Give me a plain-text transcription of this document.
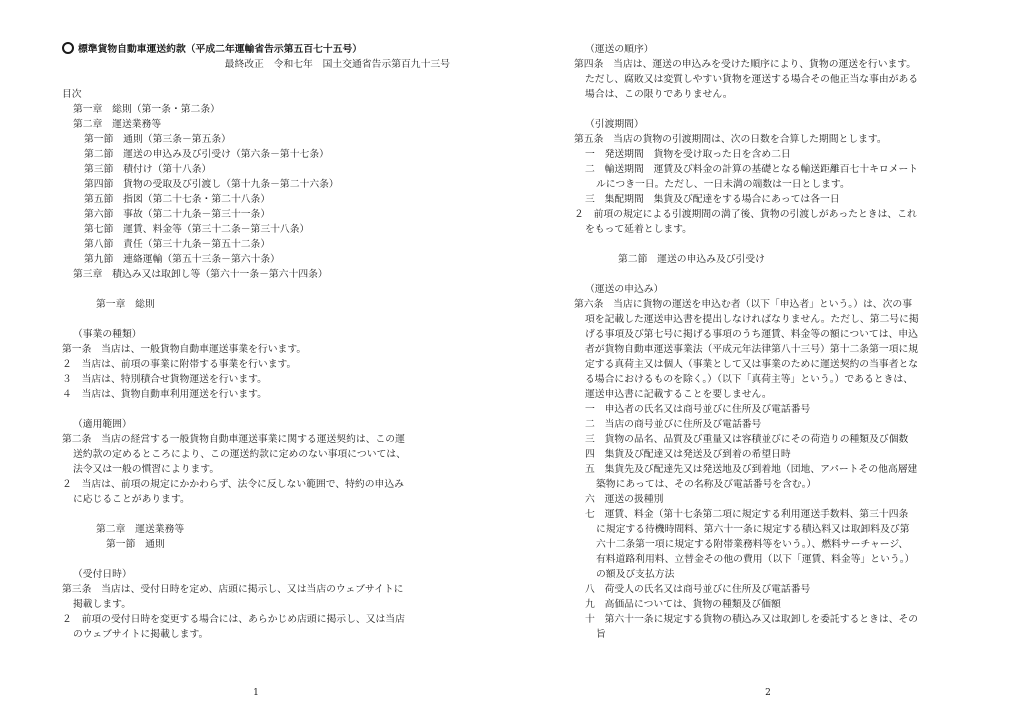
標準貨物自動車運送約款（平成二年運輸省告示第五百七十五号）
最終改正　令和七年　国土交通省告示第百九十三号
目次
第一章　総則（第一条・第二条）
第二章　運送業務等
第一節　通則（第三条－第五条）
第二節　運送の申込み及び引受け（第六条－第十七条）
第三節　積付け（第十八条）
第四節　貨物の受取及び引渡し（第十九条－第二十六条）
第五節　指図（第二十七条・第二十八条）
第六節　事故（第二十九条－第三十一条）
第七節　運賃、料金等（第三十二条－第三十八条）
第八節　責任（第三十九条－第五十二条）
第九節　連絡運輸（第五十三条－第六十条）
第三章　積込み又は取卸し等（第六十一条－第六十四条）
第一章　総則
（事業の種類）
第一条　当店は、一般貨物自動車運送事業を行います。
２　当店は、前項の事業に附帯する事業を行います。
３　当店は、特別積合せ貨物運送を行います。
４　当店は、貨物自動車利用運送を行います。
（適用範囲）
第二条　当店の経営する一般貨物自動車運送事業に関する運送契約は、この運
送約款の定めるところにより、この運送約款に定めのない事項については、
法令又は一般の慣習によります。
２　当店は、前項の規定にかかわらず、法令に反しない範囲で、特約の申込み
に応じることがあります。
第二章　運送業務等
第一節　通則
（受付日時）
第三条　当店は、受付日時を定め、店頭に掲示し、又は当店のウェブサイトに
掲載します。
２　前項の受付日時を変更する場合には、あらかじめ店頭に掲示し、又は当店
のウェブサイトに掲載します。
1
（運送の順序）
第四条　当店は、運送の申込みを受けた順序により、貨物の運送を行います。
ただし、腐敗又は変質しやすい貨物を運送する場合その他正当な事由がある
場合は、この限りでありません。
（引渡期間）
第五条　当店の貨物の引渡期間は、次の日数を合算した期間とします。
一　発送期間　貨物を受け取った日を含め二日
二　輸送期間　運賃及び料金の計算の基礎となる輸送距離百七十キロメート
ルにつき一日。ただし、一日未満の端数は一日とします。
三　集配期間　集貨及び配達をする場合にあっては各一日
２　前項の規定による引渡期間の満了後、貨物の引渡しがあったときは、これ
をもって延着とします。
第二節　運送の申込み及び引受け
（運送の申込み）
第六条　当店に貨物の運送を申込む者（以下「申込者」という。）は、次の事
項を記載した運送申込書を提出しなければなりません。ただし、第二号に掲
げる事項及び第七号に掲げる事項のうち運賃、料金等の額については、申込
者が貨物自動車運送事業法（平成元年法律第八十三号）第十二条第一項に規
定する真荷主又は個人（事業として又は事業のために運送契約の当事者とな
る場合におけるものを除く。）（以下「真荷主等」という。）であるときは、
運送申込書に記載することを要しません。
一　申込者の氏名又は商号並びに住所及び電話番号
二　当店の商号並びに住所及び電話番号
三　貨物の品名、品質及び重量又は容積並びにその荷造りの種類及び個数
四　集貨及び配達又は発送及び到着の希望日時
五　集貨先及び配達先又は発送地及び到着地（団地、アパートその他高層建
築物にあっては、その名称及び電話番号を含む。）
六　運送の扱種別
七　運賃、料金（第十七条第二項に規定する利用運送手数料、第三十四条
に規定する待機時間料、第六十一条に規定する積込料又は取卸料及び第
六十二条第一項に規定する附帯業務料等をいう。）、燃料サーチャージ、
有料道路利用料、立替金その他の費用（以下「運賃、料金等」という。）
の額及び支払方法
八　荷受人の氏名又は商号並びに住所及び電話番号
九　高価品については、貨物の種類及び価額
十　第六十一条に規定する貨物の積込み又は取卸しを委託するときは、その
旨
2
